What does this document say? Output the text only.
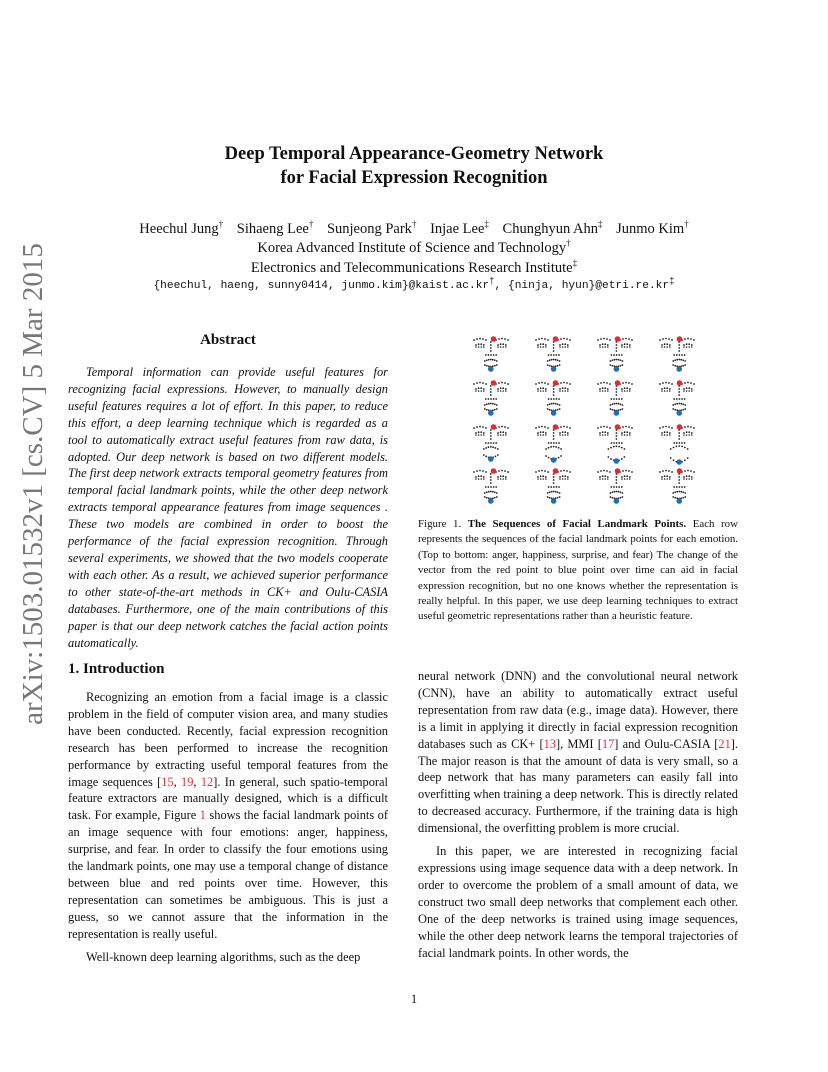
Deep Temporal Appearance-Geometry Network
for Facial Expression Recognition
Heechul Jung† Sihaeng Lee† Sunjeong Park† Injae Lee‡ Chunghyun Ahn‡ Junmo Kim†
Korea Advanced Institute of Science and Technology†
Electronics and Telecommunications Research Institute‡
{heechul, haeng, sunny0414, junmo.kim}@kaist.ac.kr†, {ninja, hyun}@etri.re.kr‡
arXiv:1503.01532v1 [cs.CV] 5 Mar 2015	Abstract

Temporal information can provide useful features for recognizing facial expressions. However, to manually design useful features requires a lot of effort. In this paper, to reduce this effort, a deep learning technique which is regarded as a tool to automatically extract useful features from raw data, is adopted. Our deep network is based on two different models. The first deep network extracts temporal geometry features from temporal facial landmark points, while the other deep network extracts temporal appearance features from image sequences . These two models are combined in order to boost the performance of the facial expression recognition. Through several experiments, we showed that the two models cooperate with each other. As a result, we achieved superior performance to other state-of-the-art methods in CK+ and Oulu-CASIA databases. Furthermore, one of the main contributions of this paper is that our deep network catches the facial action points automatically.

1. Introduction

Recognizing an emotion from a facial image is a classic problem in the field of computer vision area, and many studies have been conducted. Recently, facial expression recognition research has been performed to increase the recognition performance by extracting useful temporal features from the image sequences [15, 19, 12]. In general, such spatio-temporal feature extractors are manually designed, which is a difficult task. For example, Figure 1 shows the facial landmark points of an image sequence with four emotions: anger, happiness, surprise, and fear. In order to classify the four emotions using the landmark points, one may use a temporal change of distance between blue and red points over time. However, this representation can sometimes be ambiguous. This is just a guess, so we cannot assure that the information in the representation is really useful.

Well-known deep learning algorithms, such as the deep

neural network (DNN) and the convolutional neural network (CNN), have an ability to automatically extract useful representation from raw data (e.g., image data). However, there is a limit in applying it directly in facial expression recognition databases such as CK+ [13], MMI [17] and Oulu-CASIA [21]. The major reason is that the amount of data is very small, so a deep network that has many parameters can easily fall into overfitting when training a deep network. This is directly related to decreased accuracy. Furthermore, if the training data is high dimensional, the overfitting problem is more crucial.

In this paper, we are interested in recognizing facial expressions using image sequence data with a deep network. In order to overcome the problem of a small amount of data, we construct two small deep networks that complement each other. One of the deep networks is trained using image sequences, while the other deep network learns the temporal trajectories of facial landmark points. In other words, the

Figure 1. The Sequences of Facial Landmark Points. Each row represents the sequences of the facial landmark points for each emotion. (Top to bottom: anger, happiness, surprise, and fear) The change of the vector from the red point to blue point over time can aid in facial expression recognition, but no one knows whether the representation is really helpful. In this paper, we use deep learning techniques to extract useful geometric representations rather than a heuristic feature.
1
